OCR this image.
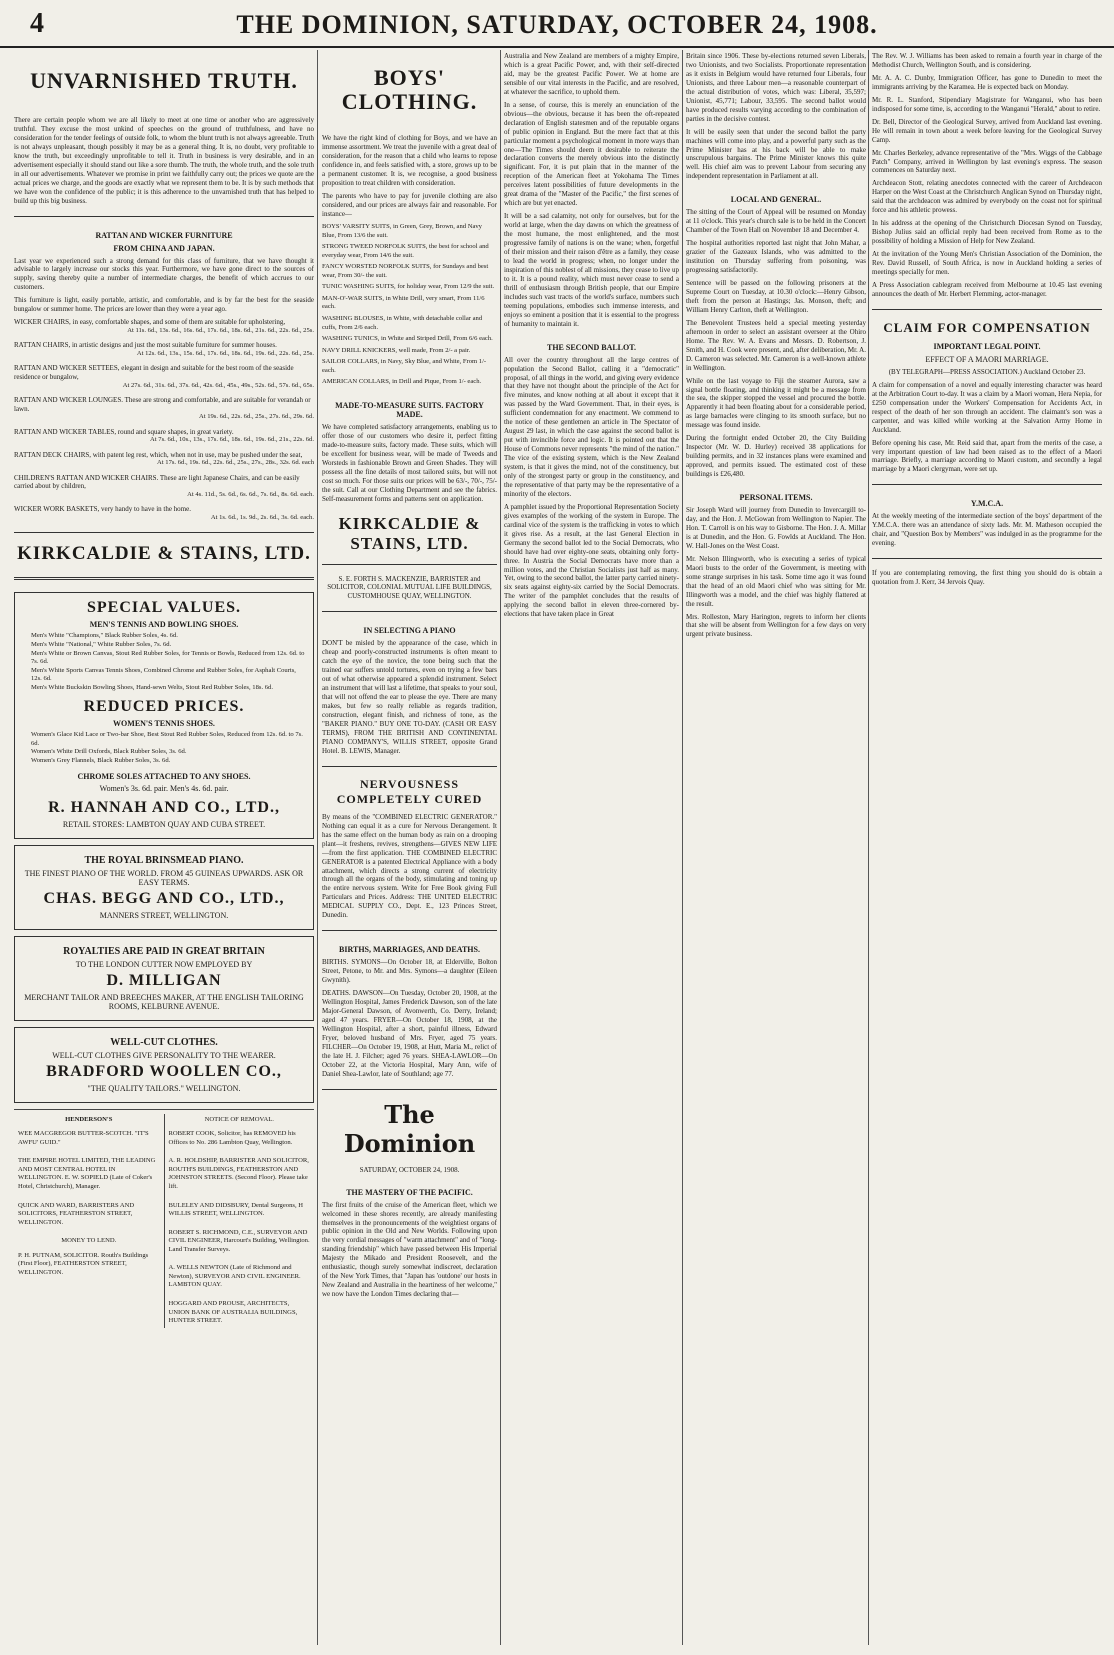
4	THE DOMINION, SATURDAY, OCTOBER 24, 1908.
UNVARNISHED TRUTH.

There are certain people whom we are all likely to meet at one time or another who are aggressively truthful. They excuse the most unkind of speeches on the ground of truthfulness, and have no consideration for the tender feelings of outside folk, to whom the blunt truth is not always agreeable. Truth is not always unpleasant, though possibly it may be as a general thing. It is, no doubt, very profitable to know the truth, but exceedingly unprofitable to tell it. Truth in business is very desirable, and in an advertisement especially it should stand out like a sore thumb. The truth, the whole truth, and the sole truth in all our advertisements. Whatever we promise in print we faithfully carry out; the prices we quote are the actual prices we charge, and the goods are exactly what we represent them to be. It is by such methods that we have won the confidence of the public; it is this adherence to the unvarnished truth that has helped to build up this big business.

RATTAN AND WICKER FURNITURE
FROM CHINA AND JAPAN.

Last year we experienced such a strong demand for this class of furniture, that we have thought it advisable to largely increase our stocks this year. Furthermore, we have gone direct to the sources of supply, saving thereby quite a number of intermediate charges, the benefit of which accrues to our customers.

This furniture is light, easily portable, artistic, and comfortable, and is by far the best for the seaside bungalow or summer home. The prices are lower than they were a year ago.

WICKER CHAIRS, in easy, comfortable shapes, and some of them are suitable for upholstering,
At 11s. 6d., 13s. 6d., 16s. 6d., 17s. 6d., 18s. 6d., 21s. 6d., 22s. 6d., 25s.
RATTAN CHAIRS, in artistic designs and just the most suitable furniture for summer houses.
At 12s. 6d., 13s., 15s. 6d., 17s. 6d., 18s. 6d., 19s. 6d., 22s. 6d., 25s.
RATTAN AND WICKER SETTEES, elegant in design and suitable for the best room of the seaside residence or bungalow,
At 27s. 6d., 31s. 6d., 37s. 6d., 42s. 6d., 45s., 49s., 52s. 6d., 57s. 6d., 65s.
RATTAN AND WICKER LOUNGES. These are strong and comfortable, and are suitable for verandah or lawn.
At 19s. 6d., 22s. 6d., 25s., 27s. 6d., 29s. 6d.
RATTAN AND WICKER TABLES, round and square shapes, in great variety.
At 7s. 6d., 10s., 13s., 17s. 6d., 18s. 6d., 19s. 6d., 21s., 22s. 6d.
RATTAN DECK CHAIRS, with patent leg rest, which, when not in use, may be pushed under the seat,
At 17s. 6d., 19s. 6d., 22s. 6d., 25s., 27s., 28s., 32s. 6d. each
CHILDREN'S RATTAN AND WICKER CHAIRS. These are light Japanese Chairs, and can be easily carried about by children,
At 4s. 11d., 5s. 6d., 6s. 6d., 7s. 6d., 8s. 6d. each.
WICKER WORK BASKETS, very handy to have in the home.
At 1s. 6d., 1s. 9d., 2s. 6d., 3s. 6d. each.
KIRKCALDIE & STAINS, LTD.
SPECIAL VALUES.
MEN'S TENNIS AND BOWLING SHOES.
Men's White "Champions," Black Rubber Soles, 4s. 6d.
Men's White "National," White Rubber Soles, 7s. 6d.
Men's White or Brown Canvas, Stout Red Rubber Soles, for Tennis or Bowls, Reduced from 12s. 6d. to 7s. 6d.
Men's White Sports Canvas Tennis Shoes, Combined Chrome and Rubber Soles, for Asphalt Courts, 12s. 6d.
Men's White Buckskin Bowling Shoes, Hand-sewn Welts, Stout Red Rubber Soles, 18s. 6d.
REDUCED PRICES.
WOMEN'S TENNIS SHOES.
Women's Glace Kid Lace or Two-bar Shoe, Best Stout Red Rubber Soles, Reduced from 12s. 6d. to 7s. 6d.
Women's White Drill Oxfords, Black Rubber Soles, 3s. 6d.
Women's Grey Flannels, Black Rubber Soles, 3s. 6d.
CHROME SOLES ATTACHED TO ANY SHOES.
Women's 3s. 6d. pair. Men's 4s. 6d. pair.
R. HANNAH AND CO., LTD.,
RETAIL STORES: LAMBTON QUAY AND CUBA STREET.
THE ROYAL BRINSMEAD PIANO.
THE FINEST PIANO OF THE WORLD. FROM 45 GUINEAS UPWARDS. ASK OR EASY TERMS.
CHAS. BEGG AND CO., LTD.,
MANNERS STREET, WELLINGTON.
ROYALTIES ARE PAID IN GREAT BRITAIN
TO THE LONDON CUTTER NOW EMPLOYED BY
D. MILLIGAN
MERCHANT TAILOR AND BREECHES MAKER, AT THE ENGLISH TAILORING ROOMS, KELBURNE AVENUE.
WELL-CUT CLOTHES.
WELL-CUT CLOTHES GIVE PERSONALITY TO THE WEARER.
BRADFORD WOOLLEN CO.,
"THE QUALITY TAILORS." WELLINGTON.
HENDERSON'S
WEE MACGREGOR BUTTER-SCOTCH. "IT'S AWFU' GUID."
THE EMPIRE HOTEL LIMITED, THE LEADING AND MOST CENTRAL HOTEL IN WELLINGTON. E. W. SOPIELD (Late of Coker's Hotel, Christchurch), Manager.
QUICK AND WARD, BARRISTERS AND SOLICITORS, FEATHERSTON STREET, WELLINGTON.
MONEY TO LEND.
P. H. PUTNAM, SOLICITOR. Routh's Buildings (First Floor), FEATHERSTON STREET, WELLINGTON.
NOTICE OF REMOVAL.
ROBERT COOK, Solicitor, has REMOVED his Offices to No. 286 Lambton Quay, Wellington.
A. R. HOLDSHIP, BARRISTER AND SOLICITOR, ROUTH'S BUILDINGS, FEATHERSTON AND JOHNSTON STREETS. (Second Floor). Please take lift.
BULELEY AND DIDSBURY, Dental Surgeons, H WILLIS STREET, WELLINGTON.
ROBERT S. RICHMOND, C.E., SURVEYOR AND CIVIL ENGINEER, Harcourt's Building, Wellington. Land Transfer Surveys.
A. WELLS NEWTON (Late of Richmond and Newton), SURVEYOR AND CIVIL ENGINEER. LAMBTON QUAY.
HOGGARD AND PROUSE, ARCHITECTS, UNION BANK OF AUSTRALIA BUILDINGS, HUNTER STREET.
BOYS' CLOTHING.

We have the right kind of clothing for Boys, and we have an immense assortment. We treat the juvenile with a great deal of consideration, for the reason that a child who learns to repose confidence in, and feels satisfied with, a store, grows up to be a permanent customer. It is, we recognise, a good business proposition to treat children with consideration.

The parents who have to pay for juvenile clothing are also considered, and our prices are always fair and reasonable. For instance—

BOYS' VARSITY SUITS, in Green, Grey, Brown, and Navy Blue, From 13/6 the suit.
STRONG TWEED NORFOLK SUITS, the best for school and everyday wear, From 14/6 the suit.
FANCY WORSTED NORFOLK SUITS, for Sundays and best wear, From 30/- the suit.
TUNIC WASHING SUITS, for holiday wear, From 12/9 the suit.
MAN-O'-WAR SUITS, in White Drill, very smart, From 11/6 each.
WASHING BLOUSES, in White, with detachable collar and cuffs, From 2/6 each.
WASHING TUNICS, in White and Striped Drill, From 6/6 each.
NAVY DRILL KNICKERS, well made, From 2/- a pair.
SAILOR COLLARS, in Navy, Sky Blue, and White, From 1/- each.
AMERICAN COLLARS, in Drill and Pique, From 1/- each.
MADE-TO-MEASURE SUITS. FACTORY MADE.

We have completed satisfactory arrangements, enabling us to offer those of our customers who desire it, perfect fitting made-to-measure suits, factory made. These suits, which will be excellent for business wear, will be made of Tweeds and Worsteds in fashionable Brown and Green Shades. They will possess all the fine details of most tailored suits, but will not cost so much. For those suits our prices will be 63/-, 70/-, 75/- the suit. Call at our Clothing Department and see the fabrics. Self-measurement forms and patterns sent on application.

KIRKCALDIE & STAINS, LTD.

S. E. FORTH S. MACKENZIE, BARRISTER and SOLICITOR, COLONIAL MUTUAL LIFE BUILDINGS, CUSTOMHOUSE QUAY, WELLINGTON.

IN SELECTING A PIANO

DON'T be misled by the appearance of the case, which in cheap and poorly-constructed instruments is often meant to catch the eye of the novice, the tone being such that the trained ear suffers untold tortures, even on trying a few bars out of what otherwise appeared a splendid instrument. Select an instrument that will last a lifetime, that speaks to your soul, that will not offend the ear to please the eye. There are many makes, but few so really reliable as regards tradition, construction, elegant finish, and richness of tone, as the "BAKER PIANO." BUY ONE TO-DAY. (CASH OR EASY TERMS), FROM THE BRITISH AND CONTINENTAL PIANO COMPANY'S, WILLIS STREET, opposite Grand Hotel. B. LEWIS, Manager.

NERVOUSNESS COMPLETELY CURED

By means of the "COMBINED ELECTRIC GENERATOR." Nothing can equal it as a cure for Nervous Derangement. It has the same effect on the human body as rain on a drooping plant—it freshens, revives, strengthens—GIVES NEW LIFE—from the first application. THE COMBINED ELECTRIC GENERATOR is a patented Electrical Appliance with a body attachment, which directs a strong current of electricity through all the organs of the body, stimulating and toning up the entire nervous system. Write for Free Book giving Full Particulars and Prices. Address: THE UNITED ELECTRIC MEDICAL SUPPLY CO., Dept. E., 123 Princes Street, Dunedin.

BIRTHS, MARRIAGES, AND DEATHS.

BIRTHS. SYMONS—On October 18, at Elderville, Bolton Street, Petone, to Mr. and Mrs. Symons—a daughter (Eileen Gwynith).

DEATHS. DAWSON—On Tuesday, October 20, 1908, at the Wellington Hospital, James Frederick Dawson, son of the late Major-General Dawson, of Avonwerth, Co. Derry, Ireland; aged 47 years. FRYER—On October 18, 1908, at the Wellington Hospital, after a short, painful illness, Edward Fryer, beloved husband of Mrs. Fryer, aged 75 years. FILCHER—On October 19, 1908, at Hutt, Maria M., relict of the late H. J. Filcher; aged 76 years. SHEA-LAWLOR—On October 22, at the Victoria Hospital, Mary Ann, wife of Daniel Shea-Lawlor, late of Southland; age 77.

The Dominion
SATURDAY, OCTOBER 24, 1908.
THE MASTERY OF THE PACIFIC.

The first fruits of the cruise of the American fleet, which we welcomed in these shores recently, are already manifesting themselves in the pronouncements of the weightiest organs of public opinion in the Old and New Worlds. Following upon the very cordial messages of "warm attachment" and of "long-standing friendship" which have passed between His Imperial Majesty the Mikado and President Roosevelt, and the enthusiastic, though surely somewhat indiscreet, declaration of the New York Times, that "Japan has 'outdone' our hosts in New Zealand and Australia in the heartiness of her welcome," we now have the London Times declaring that—

Australia and New Zealand are members of a mighty Empire, which is a great Pacific Power, and, with their self-directed aid, may be the greatest Pacific Power. We at home are sensible of our vital interests in the Pacific, and are resolved, at whatever the sacrifice, to uphold them.

In a sense, of course, this is merely an enunciation of the obvious—the obvious, because it has been the oft-repeated declaration of English statesmen and of the reputable organs of public opinion in England. But the mere fact that at this particular moment a psychological moment in more ways than one—The Times should deem it desirable to reiterate the declaration converts the merely obvious into the distinctly significant. For, it is put plain that in the manner of the reception of the American fleet at Yokohama The Times perceives latent possibilities of future developments in the great drama of the "Master of the Pacific," the first scenes of which are but yet enacted.

It will be a sad calamity, not only for ourselves, but for the world at large, when the day dawns on which the greatness of the most humane, the most enlightened, and the most progressive family of nations is on the wane; when, forgetful of their mission and their raison d'être as a family, they cease to lead the world in progress; when, no longer under the inspiration of this noblest of all missions, they cease to live up to it. It is a pound reality, which must never cease to send a thrill of enthusiasm through British people, that our Empire includes such vast tracts of the world's surface, numbers such teeming populations, embodies such immense interests, and enjoys so eminent a position that it is essential to the progress of humanity to maintain it.

THE SECOND BALLOT.

All over the country throughout all the large centres of population the Second Ballot, calling it a "democratic" proposal, of all things in the world, and giving every evidence that they have not thought about the principle of the Act for five minutes, and know nothing at all about it except that it was passed by the Ward Government. That, in their eyes, is sufficient condemnation for any enactment. We commend to the notice of these gentlemen an article in The Spectator of August 29 last, in which the case against the second ballot is put with invincible force and logic. It is pointed out that the House of Commons never represents "the mind of the nation." The vice of the existing system, which is the New Zealand system, is that it gives the mind, not of the constituency, but only of the strongest party or group in the constituency, and the representative of that party may be the representative of a minority of the electors.

A pamphlet issued by the Proportional Representation Society gives examples of the working of the system in Europe. The cardinal vice of the system is the trafficking in votes to which it gives rise. As a result, at the last General Election in Germany the second ballot led to the Social Democrats, who should have had over eighty-one seats, obtaining only forty-three. In Austria the Social Democrats have more than a million votes, and the Christian Socialists just half as many. Yet, owing to the second ballot, the latter party carried ninety-six seats against eighty-six carried by the Social Democrats. The writer of the pamphlet concludes that the results of applying the second ballot in eleven three-cornered by-elections that have taken place in Great

Britain since 1906. These by-elections returned seven Liberals, two Unionists, and two Socialists. Proportionate representation as it exists in Belgium would have returned four Liberals, four Unionists, and three Labour men—a reasonable counterpart of the actual distribution of votes, which was: Liberal, 35,597; Unionist, 45,771; Labour, 33,595. The second ballot would have produced results varying according to the combination of parties in the decisive contest.

It will be easily seen that under the second ballot the party machines will come into play, and a powerful party such as the Prime Minister has at his back will be able to make unscrupulous bargains. The Prime Minister knows this quite well. His chief aim was to prevent Labour from securing any independent representation in Parliament at all.

LOCAL AND GENERAL.

The sitting of the Court of Appeal will be resumed on Monday at 11 o'clock. This year's church sale is to be held in the Concert Chamber of the Town Hall on November 18 and December 4.

The hospital authorities reported last night that John Mahar, a grazier of the Gazeaux Islands, who was admitted to the institution on Thursday suffering from poisoning, was progressing satisfactorily.

Sentence will be passed on the following prisoners at the Supreme Court on Tuesday, at 10.30 o'clock:—Henry Gibson, theft from the person at Hastings; Jas. Monson, theft; and William Henry Carlton, theft at Wellington.

The Benevolent Trustees held a special meeting yesterday afternoon in order to select an assistant overseer at the Ohiro Home. The Rev. W. A. Evans and Messrs. D. Robertson, J. Smith, and H. Cook were present, and, after deliberation, Mr. A. D. Cameron was selected. Mr. Cameron is a well-known athlete in Wellington.

While on the last voyage to Fiji the steamer Aurora, saw a signal bottle floating, and thinking it might be a message from the sea, the skipper stopped the vessel and procured the bottle. Apparently it had been floating about for a considerable period, as large barnacles were clinging to its smooth surface, but no message was found inside.

During the fortnight ended October 20, the City Building Inspector (Mr. W. D. Hurley) received 38 applications for building permits, and in 32 instances plans were examined and approved, and permits issued. The estimated cost of these buildings is £26,480.

PERSONAL ITEMS.

Sir Joseph Ward will journey from Dunedin to Invercargill to-day, and the Hon. J. McGowan from Wellington to Napier. The Hon. T. Carroll is on his way to Gisborne. The Hon. J. A. Millar is at Dunedin, and the Hon. G. Fowlds at Auckland. The Hon. W. Hall-Jones on the West Coast.

Mr. Nelson Illingworth, who is executing a series of typical Maori busts to the order of the Government, is meeting with some strange surprises in his task. Some time ago it was found that the head of an old Maori chief who was sitting for Mr. Illingworth was a model, and the chief was highly flattered at the result.

Mrs. Rolleston, Mary Harington, regrets to inform her clients that she will be absent from Wellington for a few days on very urgent private business.

The Rev. W. J. Williams has been asked to remain a fourth year in charge of the Methodist Church, Wellington South, and is considering.

Mr. A. A. C. Dunby, Immigration Officer, has gone to Dunedin to meet the immigrants arriving by the Karamea. He is expected back on Monday.

Mr. R. L. Stanford, Stipendiary Magistrate for Wanganui, who has been indisposed for some time, is, according to the Wanganui "Herald," about to retire.

Dr. Bell, Director of the Geological Survey, arrived from Auckland last evening. He will remain in town about a week before leaving for the Geological Survey Camp.

Mr. Charles Berkeley, advance representative of the "Mrs. Wiggs of the Cabbage Patch" Company, arrived in Wellington by last evening's express. The season commences on Saturday next.

Archdeacon Stott, relating anecdotes connected with the career of Archdeacon Harper on the West Coast at the Christchurch Anglican Synod on Thursday night, said that the archdeacon was admired by everybody on the coast not for spiritual force and his athletic prowess.

In his address at the opening of the Christchurch Diocesan Synod on Tuesday, Bishop Julius said an official reply had been received from Rome as to the possibility of holding a Mission of Help for New Zealand.

At the invitation of the Young Men's Christian Association of the Dominion, the Rev. David Russell, of South Africa, is now in Auckland holding a series of meetings specially for men.

A Press Association cablegram received from Melbourne at 10.45 last evening announces the death of Mr. Herbert Flemming, actor-manager.

CLAIM FOR COMPENSATION
IMPORTANT LEGAL POINT.
EFFECT OF A MAORI MARRIAGE.

(BY TELEGRAPH—PRESS ASSOCIATION.) Auckland October 23.

A claim for compensation of a novel and equally interesting character was heard at the Arbitration Court to-day. It was a claim by a Maori woman, Hera Nepia, for £250 compensation under the Workers' Compensation for Accidents Act, in respect of the death of her son through an accident. The claimant's son was a carpenter, and was killed while working at the Salvation Army Home in Auckland.

Before opening his case, Mr. Reid said that, apart from the merits of the case, a very important question of law had been raised as to the effect of a Maori marriage. Briefly, a marriage according to Maori custom, and secondly a legal marriage by a Maori clergyman, were set up.

Y.M.C.A.

At the weekly meeting of the intermediate section of the boys' department of the Y.M.C.A. there was an attendance of sixty lads. Mr. M. Matheson occupied the chair, and "Question Box by Members" was indulged in as the programme for the evening.

If you are contemplating removing, the first thing you should do is obtain a quotation from J. Kerr, 34 Jervois Quay.
